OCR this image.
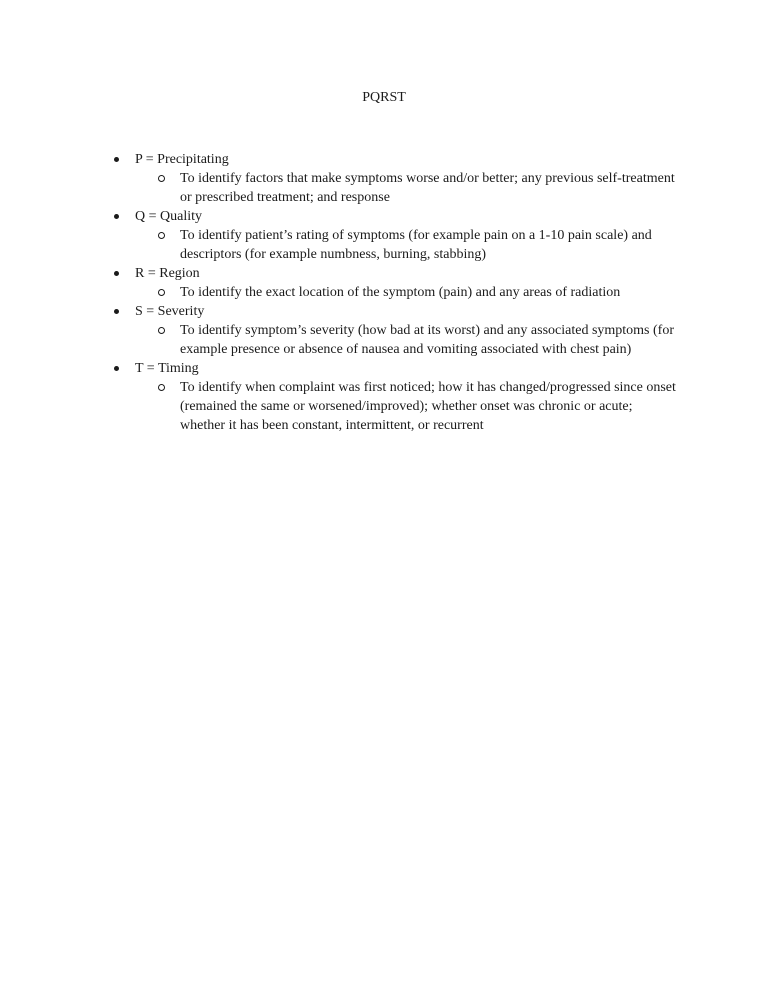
PQRST
P = Precipitating
To identify factors that make symptoms worse and/or better; any previous self-treatment or prescribed treatment; and response
Q = Quality
To identify patient’s rating of symptoms (for example pain on a 1-10 pain scale) and descriptors (for example numbness, burning, stabbing)
R = Region
To identify the exact location of the symptom (pain) and any areas of radiation
S = Severity
To identify symptom’s severity (how bad at its worst) and any associated symptoms (for example presence or absence of nausea and vomiting associated with chest pain)
T = Timing
To identify when complaint was first noticed; how it has changed/progressed since onset (remained the same or worsened/improved); whether onset was chronic or acute; whether it has been constant, intermittent, or recurrent
